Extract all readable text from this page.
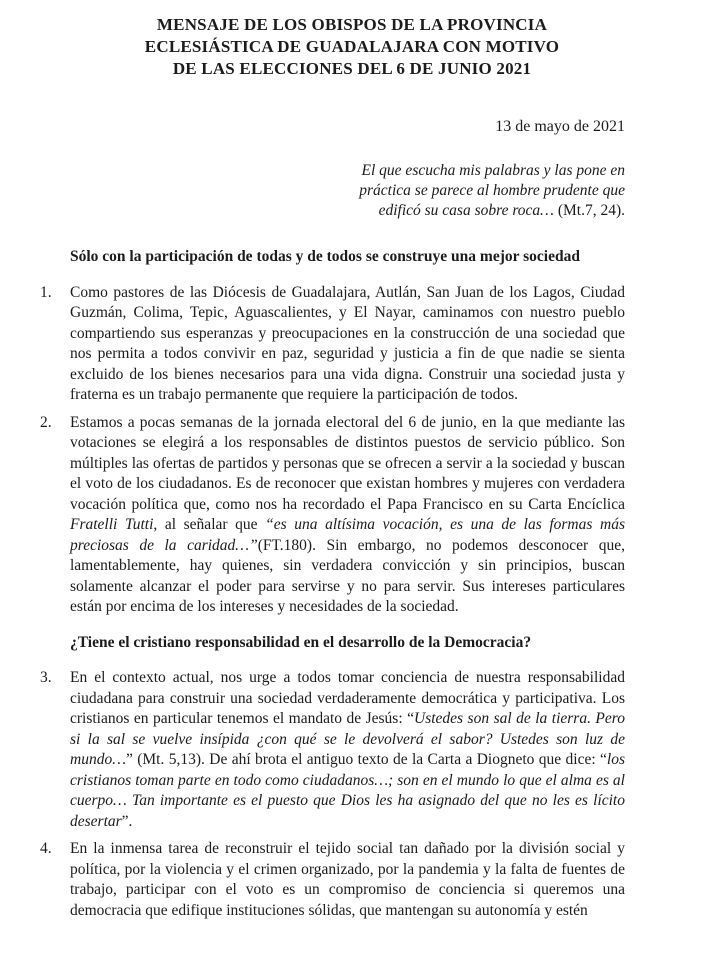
MENSAJE DE LOS OBISPOS DE LA PROVINCIA
ECLESIÁSTICA DE GUADALAJARA CON MOTIVO
DE LAS ELECCIONES DEL 6 DE JUNIO 2021
13 de mayo de 2021
El que escucha mis palabras y las pone en
práctica se parece al hombre prudente que
edificó su casa sobre roca… (Mt.7, 24).
Sólo con la participación de todas y de todos se construye una mejor sociedad
1.	Como pastores de las Diócesis de Guadalajara, Autlán, San Juan de los Lagos, Ciudad Guzmán, Colima, Tepic, Aguascalientes, y El Nayar, caminamos con nuestro pueblo compartiendo sus esperanzas y preocupaciones en la construcción de una sociedad que nos permita a todos convivir en paz, seguridad y justicia a fin de que nadie se sienta excluido de los bienes necesarios para una vida digna. Construir una sociedad justa y fraterna es un trabajo permanente que requiere la participación de todos.
2.	Estamos a pocas semanas de la jornada electoral del 6 de junio, en la que mediante las votaciones se elegirá a los responsables de distintos puestos de servicio público. Son múltiples las ofertas de partidos y personas que se ofrecen a servir a la sociedad y buscan el voto de los ciudadanos. Es de reconocer que existan hombres y mujeres con verdadera vocación política que, como nos ha recordado el Papa Francisco en su Carta Encíclica Fratelli Tutti, al señalar que “es una altísima vocación, es una de las formas más preciosas de la caridad…”(FT.180). Sin embargo, no podemos desconocer que, lamentablemente, hay quienes, sin verdadera convicción y sin principios, buscan solamente alcanzar el poder para servirse y no para servir. Sus intereses particulares están por encima de los intereses y necesidades de la sociedad.
¿Tiene el cristiano responsabilidad en el desarrollo de la Democracia?
3.	En el contexto actual, nos urge a todos tomar conciencia de nuestra responsabilidad ciudadana para construir una sociedad verdaderamente democrática y participativa. Los cristianos en particular tenemos el mandato de Jesús: “Ustedes son sal de la tierra. Pero si la sal se vuelve insípida ¿con qué se le devolverá el sabor? Ustedes son luz de mundo…” (Mt. 5,13). De ahí brota el antiguo texto de la Carta a Diogneto que dice: “los cristianos toman parte en todo como ciudadanos…; son en el mundo lo que el alma es al cuerpo… Tan importante es el puesto que Dios les ha asignado del que no les es lícito desertar”.
4.	En la inmensa tarea de reconstruir el tejido social tan dañado por la división social y política, por la violencia y el crimen organizado, por la pandemia y la falta de fuentes de trabajo, participar con el voto es un compromiso de conciencia si queremos una democracia que edifique instituciones sólidas, que mantengan su autonomía y estén
